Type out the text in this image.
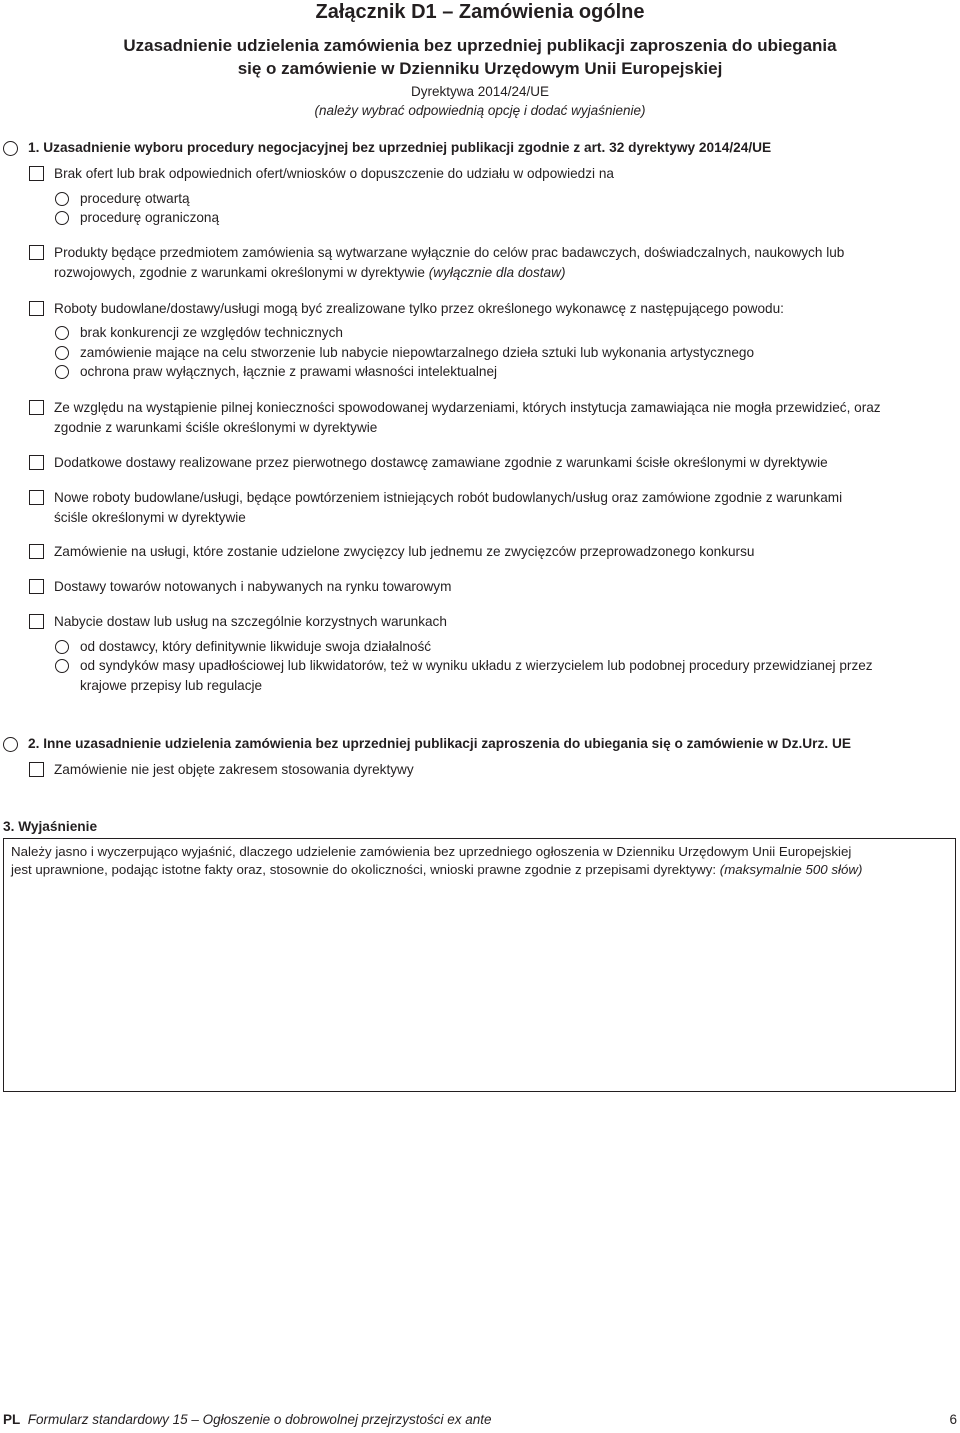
Załącznik D1 – Zamówienia ogólne
Uzasadnienie udzielenia zamówienia bez uprzedniej publikacji zaproszenia do ubiegania
się o zamówienie w Dzienniku Urzędowym Unii Europejskiej
Dyrektywa 2014/24/UE
(należy wybrać odpowiednią opcję i dodać wyjaśnienie)
1. Uzasadnienie wyboru procedury negocjacyjnej bez uprzedniej publikacji zgodnie z art. 32 dyrektywy 2014/24/UE
Brak ofert lub brak odpowiednich ofert/wniosków o dopuszczenie do udziału w odpowiedzi na
procedurę otwartą
procedurę ograniczoną
Produkty będące przedmiotem zamówienia są wytwarzane wyłącznie do celów prac badawczych, doświadczalnych, naukowych lub
rozwojowych, zgodnie z warunkami określonymi w dyrektywie (wyłącznie dla dostaw)
Roboty budowlane/dostawy/usługi mogą być zrealizowane tylko przez określonego wykonawcę z następującego powodu:
brak konkurencji ze względów technicznych
zamówienie mające na celu stworzenie lub nabycie niepowtarzalnego dzieła sztuki lub wykonania artystycznego
ochrona praw wyłącznych, łącznie z prawami własności intelektualnej
Ze względu na wystąpienie pilnej konieczności spowodowanej wydarzeniami, których instytucja zamawiająca nie mogła przewidzieć, oraz
zgodnie z warunkami ściśle określonymi w dyrektywie
Dodatkowe dostawy realizowane przez pierwotnego dostawcę zamawiane zgodnie z warunkami ścisłe określonymi w dyrektywie
Nowe roboty budowlane/usługi, będące powtórzeniem istniejących robót budowlanych/usług oraz zamówione zgodnie z warunkami
ściśle określonymi w dyrektywie
Zamówienie na usługi, które zostanie udzielone zwycięzcy lub jednemu ze zwycięzców przeprowadzonego konkursu
Dostawy towarów notowanych i nabywanych na rynku towarowym
Nabycie dostaw lub usług na szczególnie korzystnych warunkach
od dostawcy, który definitywnie likwiduje swoja działalność
od syndyków masy upadłościowej lub likwidatorów, też w wyniku układu z wierzycielem lub podobnej procedury przewidzianej przez
krajowe przepisy lub regulacje
2. Inne uzasadnienie udzielenia zamówienia bez uprzedniej publikacji zaproszenia do ubiegania się o zamówienie w Dz.Urz. UE
Zamówienie nie jest objęte zakresem stosowania dyrektywy
3. Wyjaśnienie
Należy jasno i wyczerpująco wyjaśnić, dlaczego udzielenie zamówienia bez uprzedniego ogłoszenia w Dzienniku Urzędowym Unii Europejskiej
jest uprawnione, podając istotne fakty oraz, stosownie do okoliczności, wnioski prawne zgodnie z przepisami dyrektywy: (maksymalnie 500 słów)
PL Formularz standardowy 15 – Ogłoszenie o dobrowolnej przejrzystości ex ante	6
